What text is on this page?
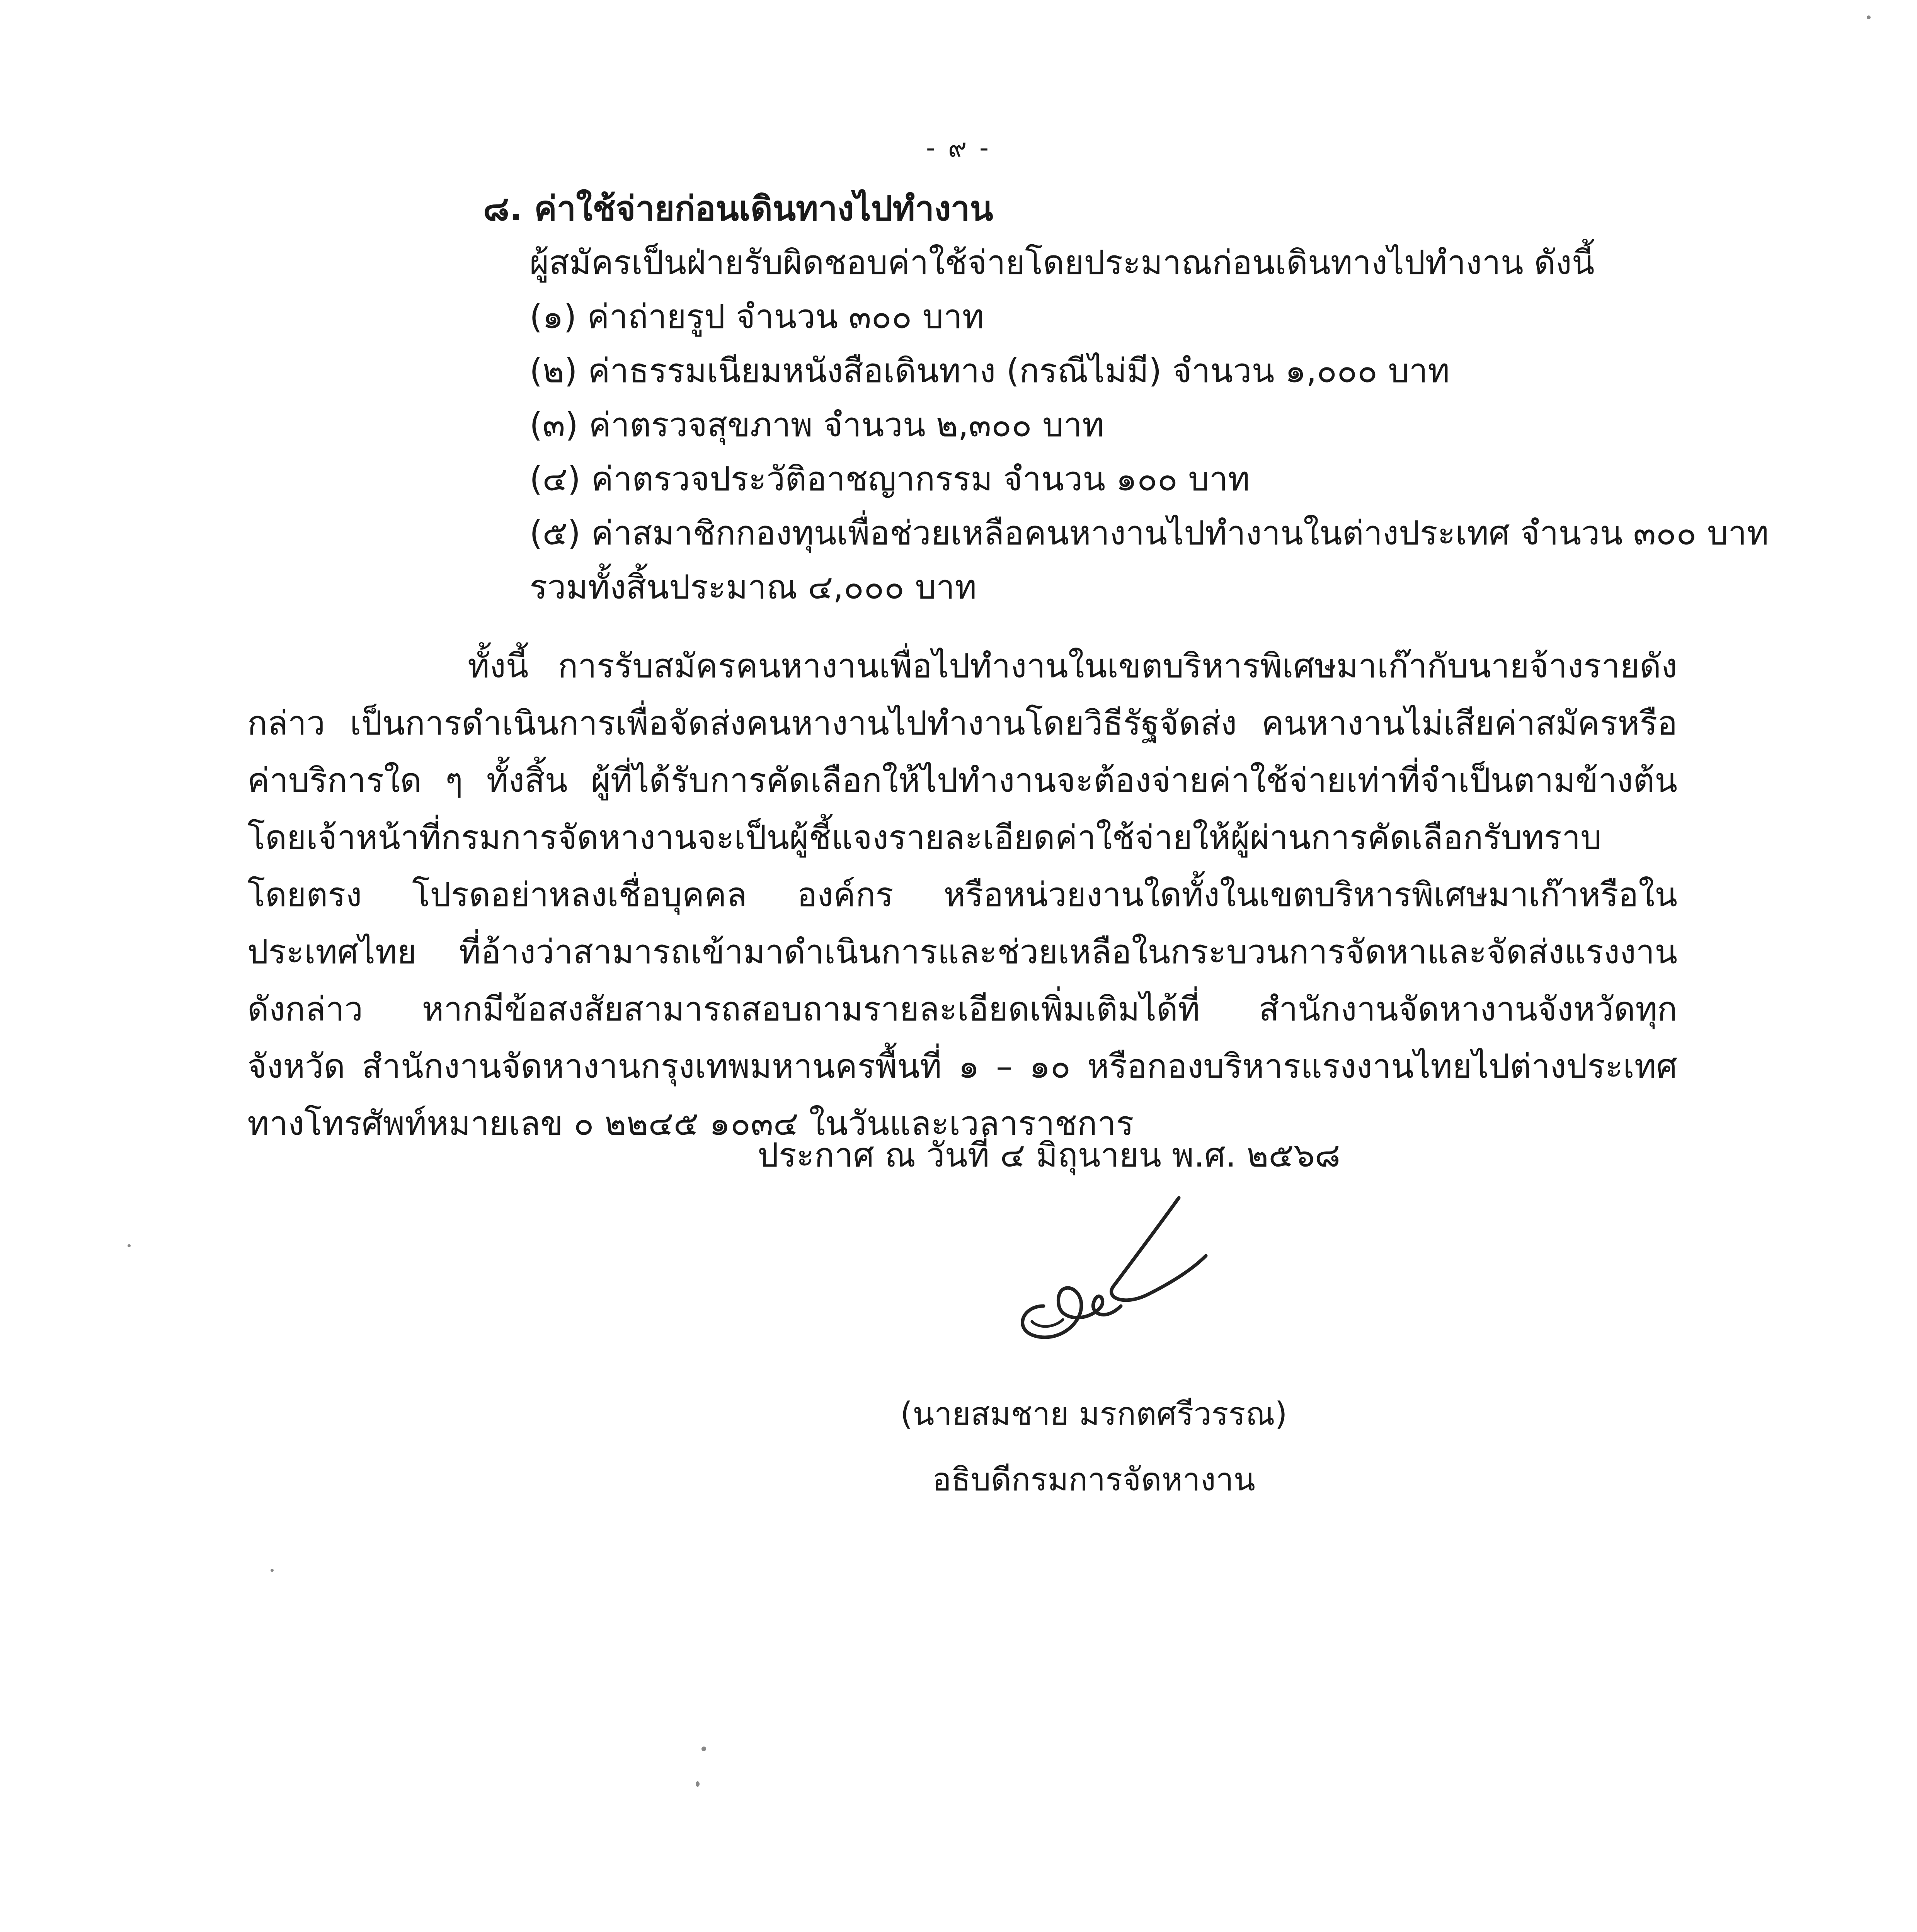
- ๙ -

๘. ค่าใช้จ่ายก่อนเดินทางไปทำงาน

ผู้สมัครเป็นฝ่ายรับผิดชอบค่าใช้จ่ายโดยประมาณก่อนเดินทางไปทำงาน ดังนี้

(๑) ค่าถ่ายรูป จำนวน ๓๐๐ บาท
(๒) ค่าธรรมเนียมหนังสือเดินทาง (กรณีไม่มี) จำนวน ๑,๐๐๐ บาท
(๓) ค่าตรวจสุขภาพ จำนวน ๒,๓๐๐ บาท
(๔) ค่าตรวจประวัติอาชญากรรม จำนวน ๑๐๐ บาท
(๕) ค่าสมาชิกกองทุนเพื่อช่วยเหลือคนหางานไปทำงานในต่างประเทศ จำนวน ๓๐๐ บาท

รวมทั้งสิ้นประมาณ ๔,๐๐๐ บาท

ทั้งนี้ การรับสมัครคนหางานเพื่อไปทำงานในเขตบริหารพิเศษมาเก๊ากับนายจ้างรายดังกล่าว เป็นการดำเนินการเพื่อจัดส่งคนหางานไปทำงานโดยวิธีรัฐจัดส่ง คนหางานไม่เสียค่าสมัครหรือค่าบริการใด ๆ ทั้งสิ้น ผู้ที่ได้รับการคัดเลือกให้ไปทำงานจะต้องจ่ายค่าใช้จ่ายเท่าที่จำเป็นตามข้างต้น โดยเจ้าหน้าที่กรมการจัดหางานจะเป็นผู้ชี้แจงรายละเอียดค่าใช้จ่ายให้ผู้ผ่านการคัดเลือกรับทราบโดยตรง โปรดอย่าหลงเชื่อบุคคล องค์กร หรือหน่วยงานใดทั้งในเขตบริหารพิเศษมาเก๊าหรือในประเทศไทย ที่อ้างว่าสามารถเข้ามาดำเนินการและช่วยเหลือในกระบวนการจัดหาและจัดส่งแรงงานดังกล่าว หากมีข้อสงสัยสามารถสอบถามรายละเอียดเพิ่มเติมได้ที่ สำนักงานจัดหางานจังหวัดทุกจังหวัด สำนักงานจัดหางานกรุงเทพมหานครพื้นที่ ๑ – ๑๐ หรือกองบริหารแรงงานไทยไปต่างประเทศ ทางโทรศัพท์หมายเลข ๐ ๒๒๔๕ ๑๐๓๔ ในวันและเวลาราชการ

ประกาศ ณ วันที่ ๔ มิถุนายน พ.ศ. ๒๕๖๘
(นายสมชาย มรกตศรีวรรณ)
อธิบดีกรมการจัดหางาน
